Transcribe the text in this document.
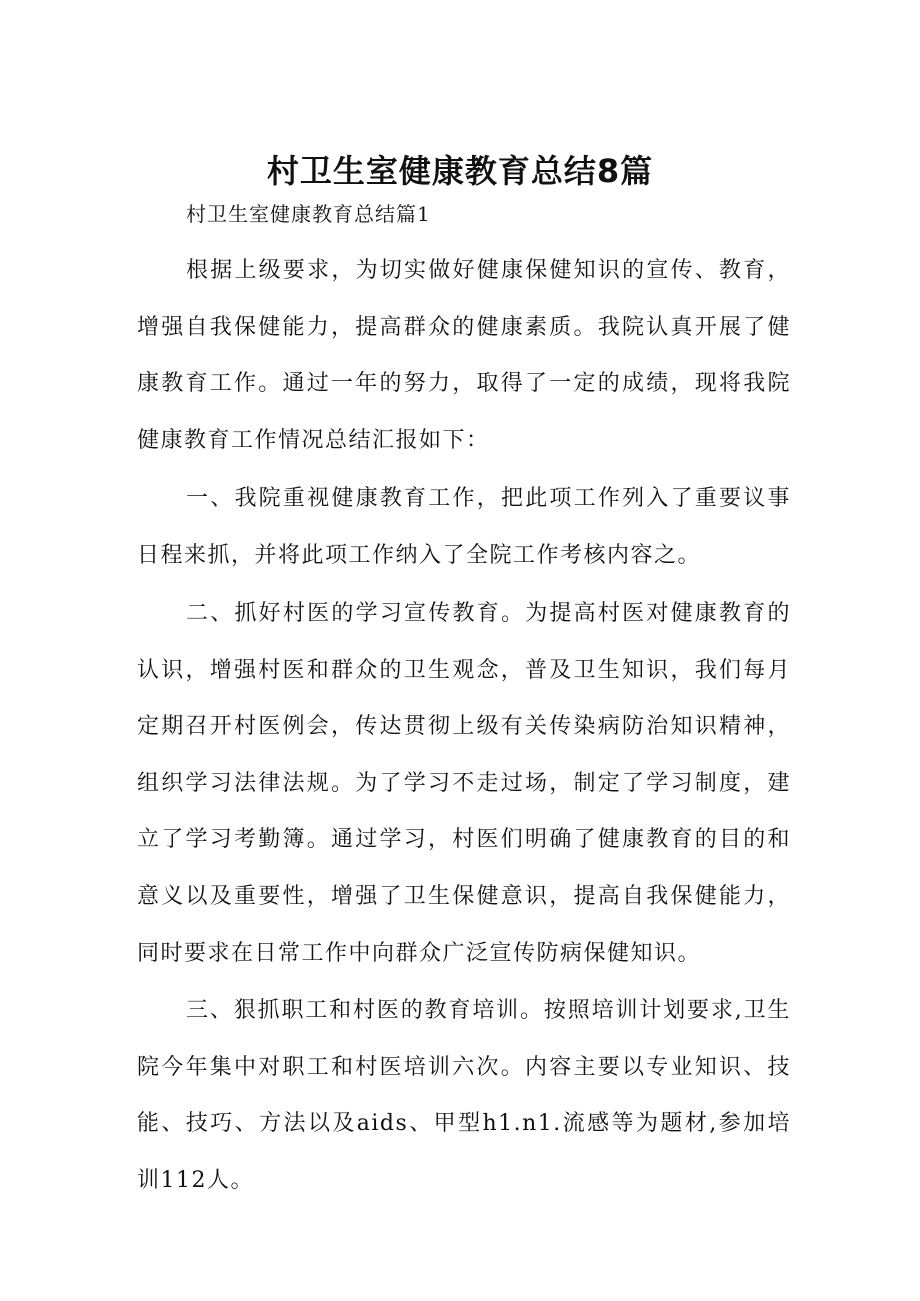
村卫生室健康教育总结8篇
村卫生室健康教育总结篇1

根据上级要求，为切实做好健康保健知识的宣传、教育，增强自我保健能力，提高群众的健康素质。我院认真开展了健康教育工作。通过一年的努力，取得了一定的成绩，现将我院健康教育工作情况总结汇报如下：

一、我院重视健康教育工作，把此项工作列入了重要议事日程来抓，并将此项工作纳入了全院工作考核内容之。

二、抓好村医的学习宣传教育。为提高村医对健康教育的认识，增强村医和群众的卫生观念，普及卫生知识，我们每月定期召开村医例会，传达贯彻上级有关传染病防治知识精神，组织学习法律法规。为了学习不走过场，制定了学习制度，建立了学习考勤簿。通过学习，村医们明确了健康教育的目的和意义以及重要性，增强了卫生保健意识，提高自我保健能力，同时要求在日常工作中向群众广泛宣传防病保健知识。

三、狠抓职工和村医的教育培训。按照培训计划要求,卫生院今年集中对职工和村医培训六次。内容主要以专业知识、技能、技巧、方法以及aids、甲型h1.n1.流感等为题材,参加培训112人。
